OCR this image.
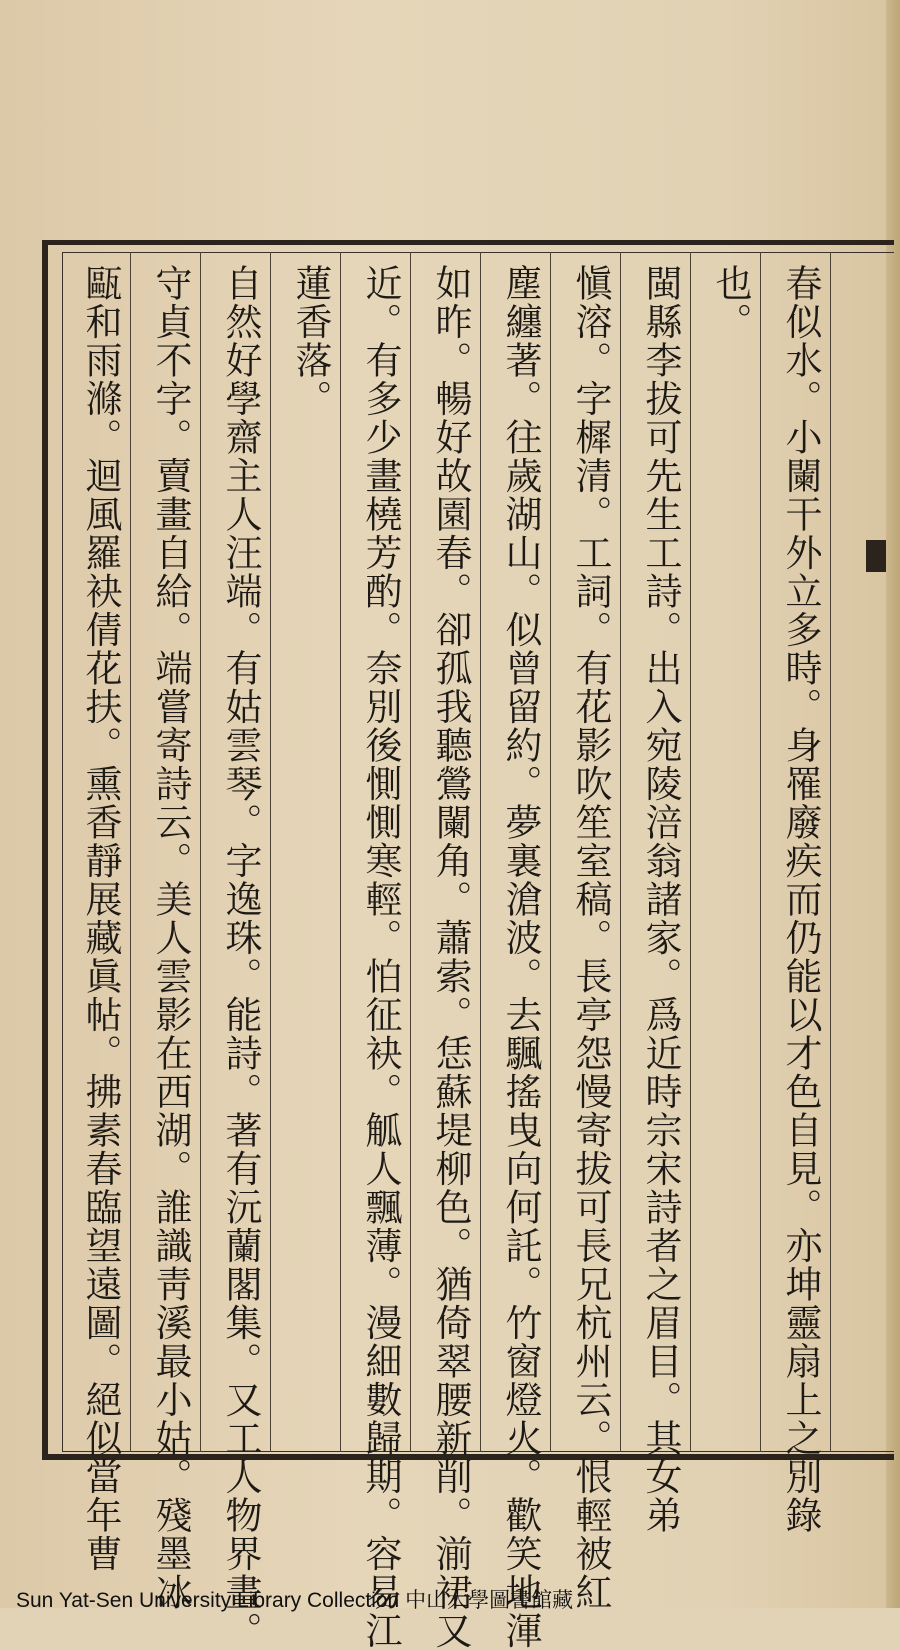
春似水。小闌干外立多時。身罹廢疾而仍能以才色自見。亦坤靈扇上之別錄
也。
閩縣李拔可先生工詩。出入宛陵涪翁諸家。爲近時宗宋詩者之眉目。其女弟
愼溶。字樨清。工詞。有花影吹笙室稿。長亭怨慢寄拔可長兄杭州云。恨輕被紅
塵纏著。往歲湖山。似曾留約。夢裏滄波。去颿搖曳向何託。竹窗燈火。歡笑地渾
如昨。暢好故園春。卻孤我聽鶯闌角。蕭索。恁蘇堤柳色。猶倚翠腰新削。湔裙又
近。有多少畫橈芳酌。奈別後惻惻寒輕。怕征袂。觚人飄薄。漫細數歸期。容易江
蓮香落。
自然好學齋主人汪端。有姑雲琴。字逸珠。能詩。著有沅蘭閣集。又工人物界畫。
守貞不字。賣畫自給。端嘗寄詩云。美人雲影在西湖。誰識靑溪最小姑。殘墨冰
甌和雨滌。迴風羅袂倩花扶。熏香靜展藏眞帖。拂素春臨望遠圖。絕似當年曹
Sun Yat-Sen University Library Collection 中山大學圖書館藏
